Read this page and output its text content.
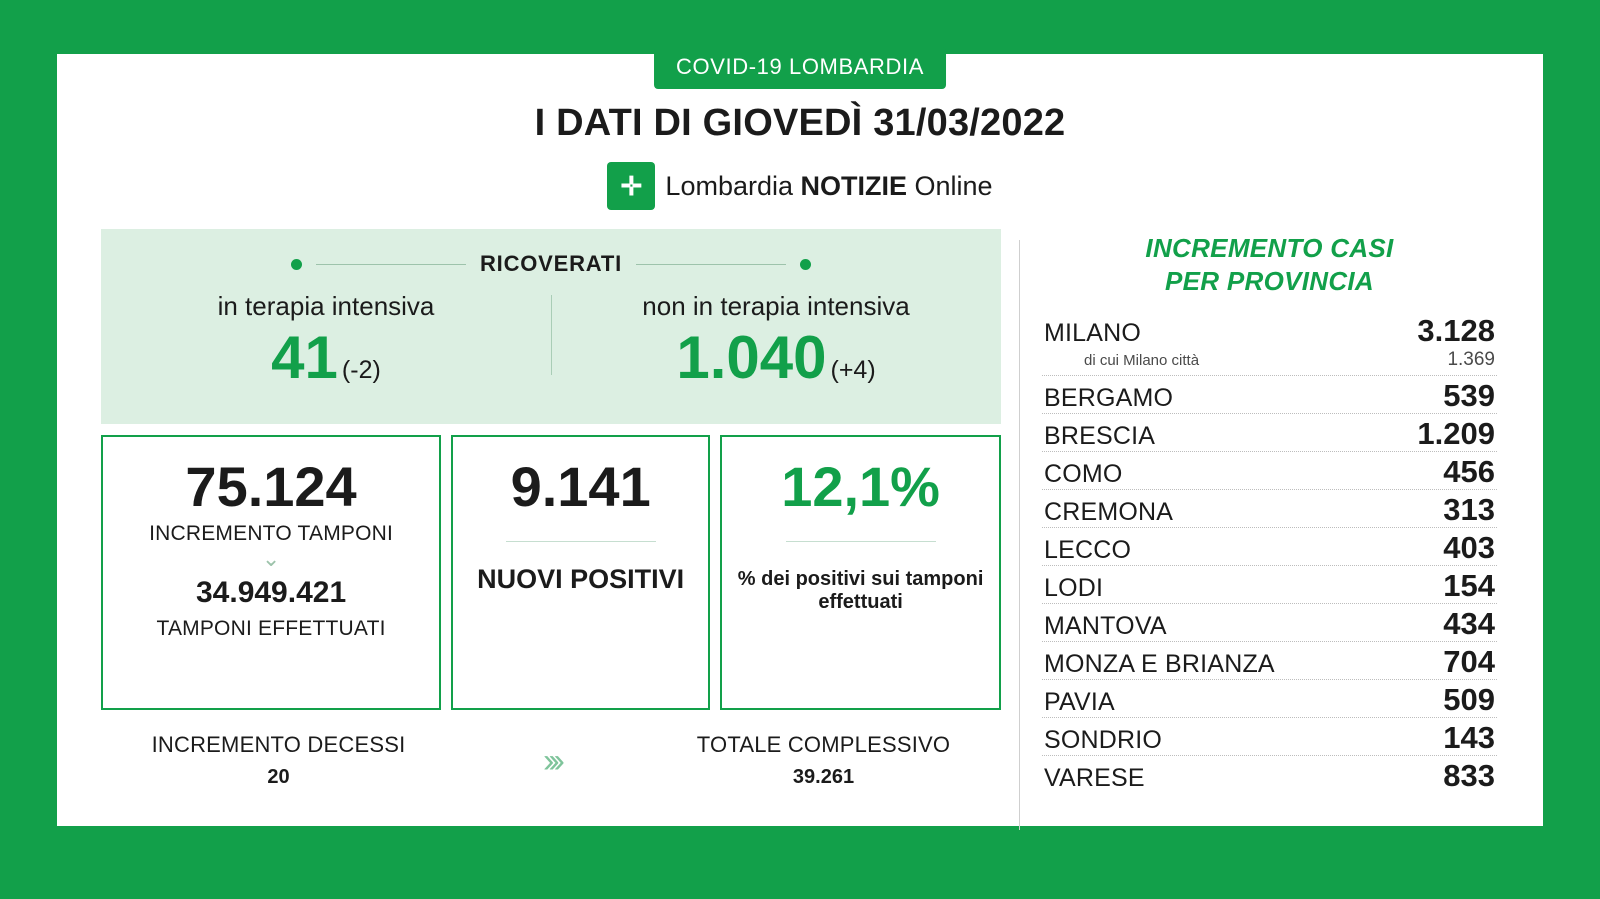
COVID-19 LOMBARDIA
I DATI DI GIOVEDÌ 31/03/2022
✛ Lombardia NOTIZIE Online
RICOVERATI
in terapia intensiva
41 (-2)
non in terapia intensiva
1.040 (+4)
75.124
INCREMENTO TAMPONI
⌄
34.949.421
TAMPONI EFFETTUATI
9.141
NUOVI POSITIVI
12,1%
% dei positivi sui tamponi effettuati
INCREMENTO DECESSI
20	›››	TOTALE COMPLESSIVO
39.261
INCREMENTO CASI
PER PROVINCIA
MILANO	3.128
di cui Milano città	1.369
BERGAMO	539
BRESCIA	1.209
COMO	456
CREMONA	313
LECCO	403
LODI	154
MANTOVA	434
MONZA E BRIANZA	704
PAVIA	509
SONDRIO	143
VARESE	833
